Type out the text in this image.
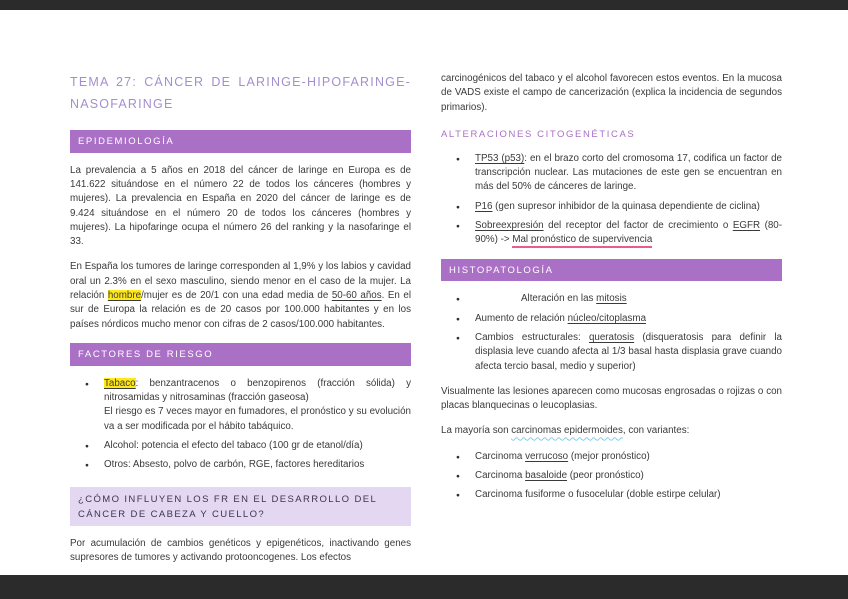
TEMA 27: CÁNCER DE LARINGE-HIPOFARINGE-NASOFARINGE
EPIDEMIOLOGÍA

La prevalencia a 5 años en 2018 del cáncer de laringe en Europa es de 141.622 situándose en el número 22 de todos los cánceres (hombres y mujeres). La prevalencia en España en 2020 del cáncer de laringe es de 9.424 situándose en el número 20 de todos los cánceres (hombres y mujeres). La hipofaringe ocupa el número 26 del ranking y la nasofaringe el 33.

En España los tumores de laringe corresponden al 1,9% y los labios y cavidad oral un 2.3% en el sexo masculino, siendo menor en el caso de la mujer. La relación hombre/mujer es de 20/1 con una edad media de 50-60 años. En el sur de Europa la relación es de 20 casos por 100.000 habitantes y en los países nórdicos mucho menor con cifras de 2 casos/100.000 habitantes.

FACTORES DE RIESGO
● Tabaco: benzantracenos o benzopirenos (fracción sólida) y nitrosamidas y nitrosaminas (fracción gaseosa)
El riesgo es 7 veces mayor en fumadores, el pronóstico y su evolución va a ser modificada por el hábito tabáquico.
● Alcohol: potencia el efecto del tabaco (100 gr de etanol/día)
● Otros: Absesto, polvo de carbón, RGE, factores hereditarios
¿CÓMO INFLUYEN LOS FR EN EL DESARROLLO DEL CÁNCER DE CABEZA Y CUELLO?

Por acumulación de cambios genéticos y epigenéticos, inactivando genes supresores de tumores y activando protooncogenes. Los efectos

carcinogénicos del tabaco y el alcohol favorecen estos eventos. En la mucosa de VADS existe el campo de cancerización (explica la incidencia de segundos primarios).

ALTERACIONES CITOGENÉTICAS
● TP53 (p53): en el brazo corto del cromosoma 17, codifica un factor de transcripción nuclear. Las mutaciones de este gen se encuentran en más del 50% de cánceres de laringe.
● P16 (gen supresor inhibidor de la quinasa dependiente de ciclina)
● Sobreexpresión del receptor del factor de crecimiento o EGFR (80-90%) -> Mal pronóstico de supervivencia
HISTOPATOLOGÍA
● Alteración en las mitosis
● Aumento de relación núcleo/citoplasma
● Cambios estructurales: queratosis (disqueratosis para definir la displasia leve cuando afecta al 1/3 basal hasta displasia grave cuando afecta tercio basal, medio y superior)

Visualmente las lesiones aparecen como mucosas engrosadas o rojizas o con placas blanquecinas o leucoplasias.

La mayoría son carcinomas epidermoides, con variantes:

● Carcinoma verrucoso (mejor pronóstico)
● Carcinoma basaloide (peor pronóstico)
● Carcinoma fusiforme o fusocelular (doble estirpe celular)
